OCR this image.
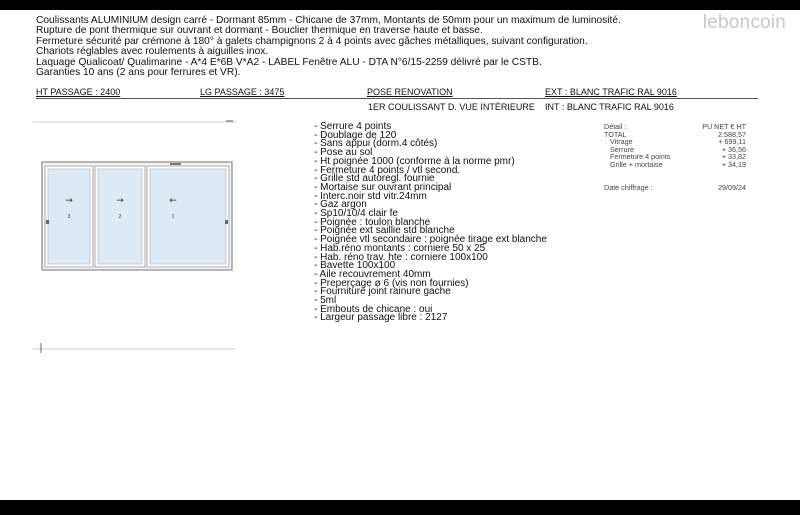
Coulissants ALUMINIUM design carré - Dormant 85mm - Chicane de 37mm, Montants de 50mm pour un maximum de luminosité.
Rupture de pont thermique sur ouvrant et dormant - Bouclier thermique en traverse haute et basse.
Fermeture sécurité par crémone à 180° à galets champignons 2 à 4 points avec gâches métalliques, suivant configuration.
Chariots réglables avec roulements à aiguilles inox.
Laquage Qualicoat/ Qualimarine - A*4 E*6B V*A2 - LABEL Fenêtre ALU - DTA N°6/15-2259 délivré par le CSTB.
Garanties 10 ans (2 ans pour ferrures et VR).
leboncoin
HT PASSAGE : 2400	LG PASSAGE : 3475	POSE RENOVATION	EXT : BLANC TRAFIC RAL 9016
1ER COULISSANT D. VUE INTÉRIEURE INT : BLANC TRAFIC RAL 9016
→
3
→
2
←
1
- Serrure 4 points
- Doublage de 120
- Sans appui (dorm.4 côtés)
- Pose au sol
- Ht poignée 1000 (conforme à la norme pmr)
- Fermeture 4 points / vtl second.
- Grille std autoregl. fournie
- Mortaise sur ouvrant principal
- Interc.noir std vitr.24mm
- Gaz argon
- Sp10/10/4 clair fe
- Poignée : toulon blanche
- Poignée ext saillie std blanche
- Poignée vtl secondaire : poignée tirage ext blanche
- Hab.réno montants : corniere 50 x 25
- Hab. réno trav. hte : corniere 100x100
- Bavette 100x100
- Aile recouvrement 40mm
- Preperçage ø 6 (vis non fournies)
- Fourniture joint rainure gache
- 5ml
- Embouts de chicane : oui
- Largeur passage libre : 2127
Détail :	PU NET € HT
TOTAL	2.588,57
Vitrage	+ 699,11
Serrure	+ 36,56
Fermeture 4 points	+ 33,82
Grille + mortaise	+ 34,19
Date chiffrage :	29/09/24
